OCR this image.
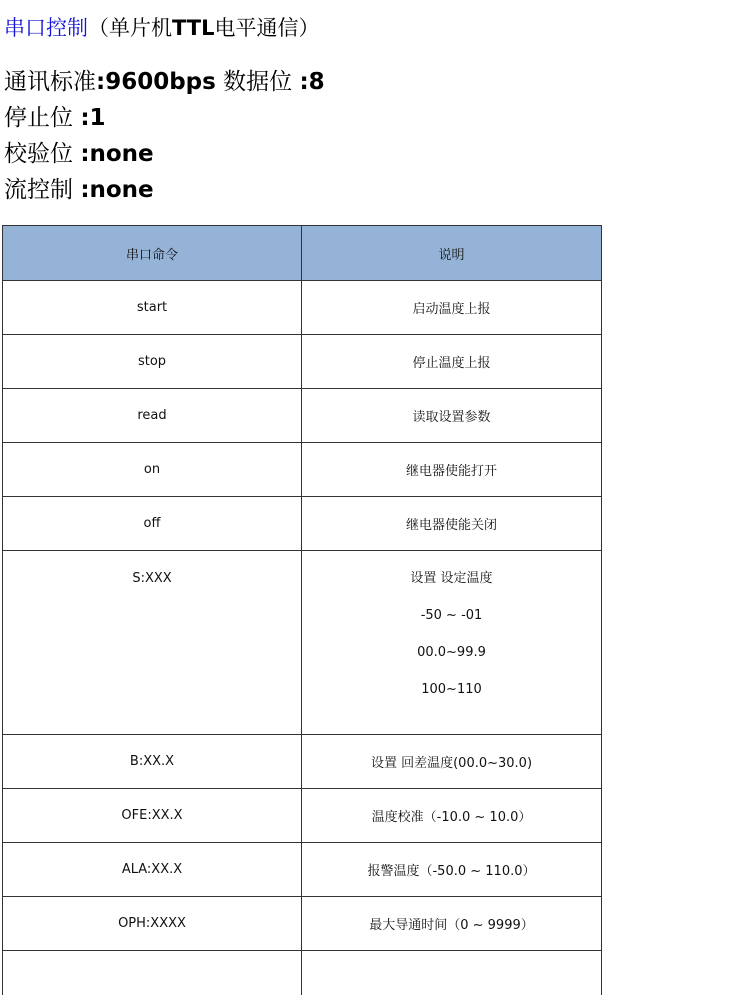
串口控制（单片机TTL电平通信）
通讯标准:9600bps 数据位 :8
停止位 :1
校验位 :none
流控制 :none
串口命令	说明
start	启动温度上报
stop	停止温度上报
read	读取设置参数
on	继电器使能打开
off	继电器使能关闭
S:XXX	设置 设定温度
-50 ~ -01
00.0~99.9
100~110

B:XX.X	设置 回差温度(00.0~30.0)
OFE:XX.X	温度校准（-10.0 ~ 10.0）
ALA:XX.X	报警温度（-50.0 ~ 110.0）
OPH:XXXX	最大导通时间（0 ~ 9999）
